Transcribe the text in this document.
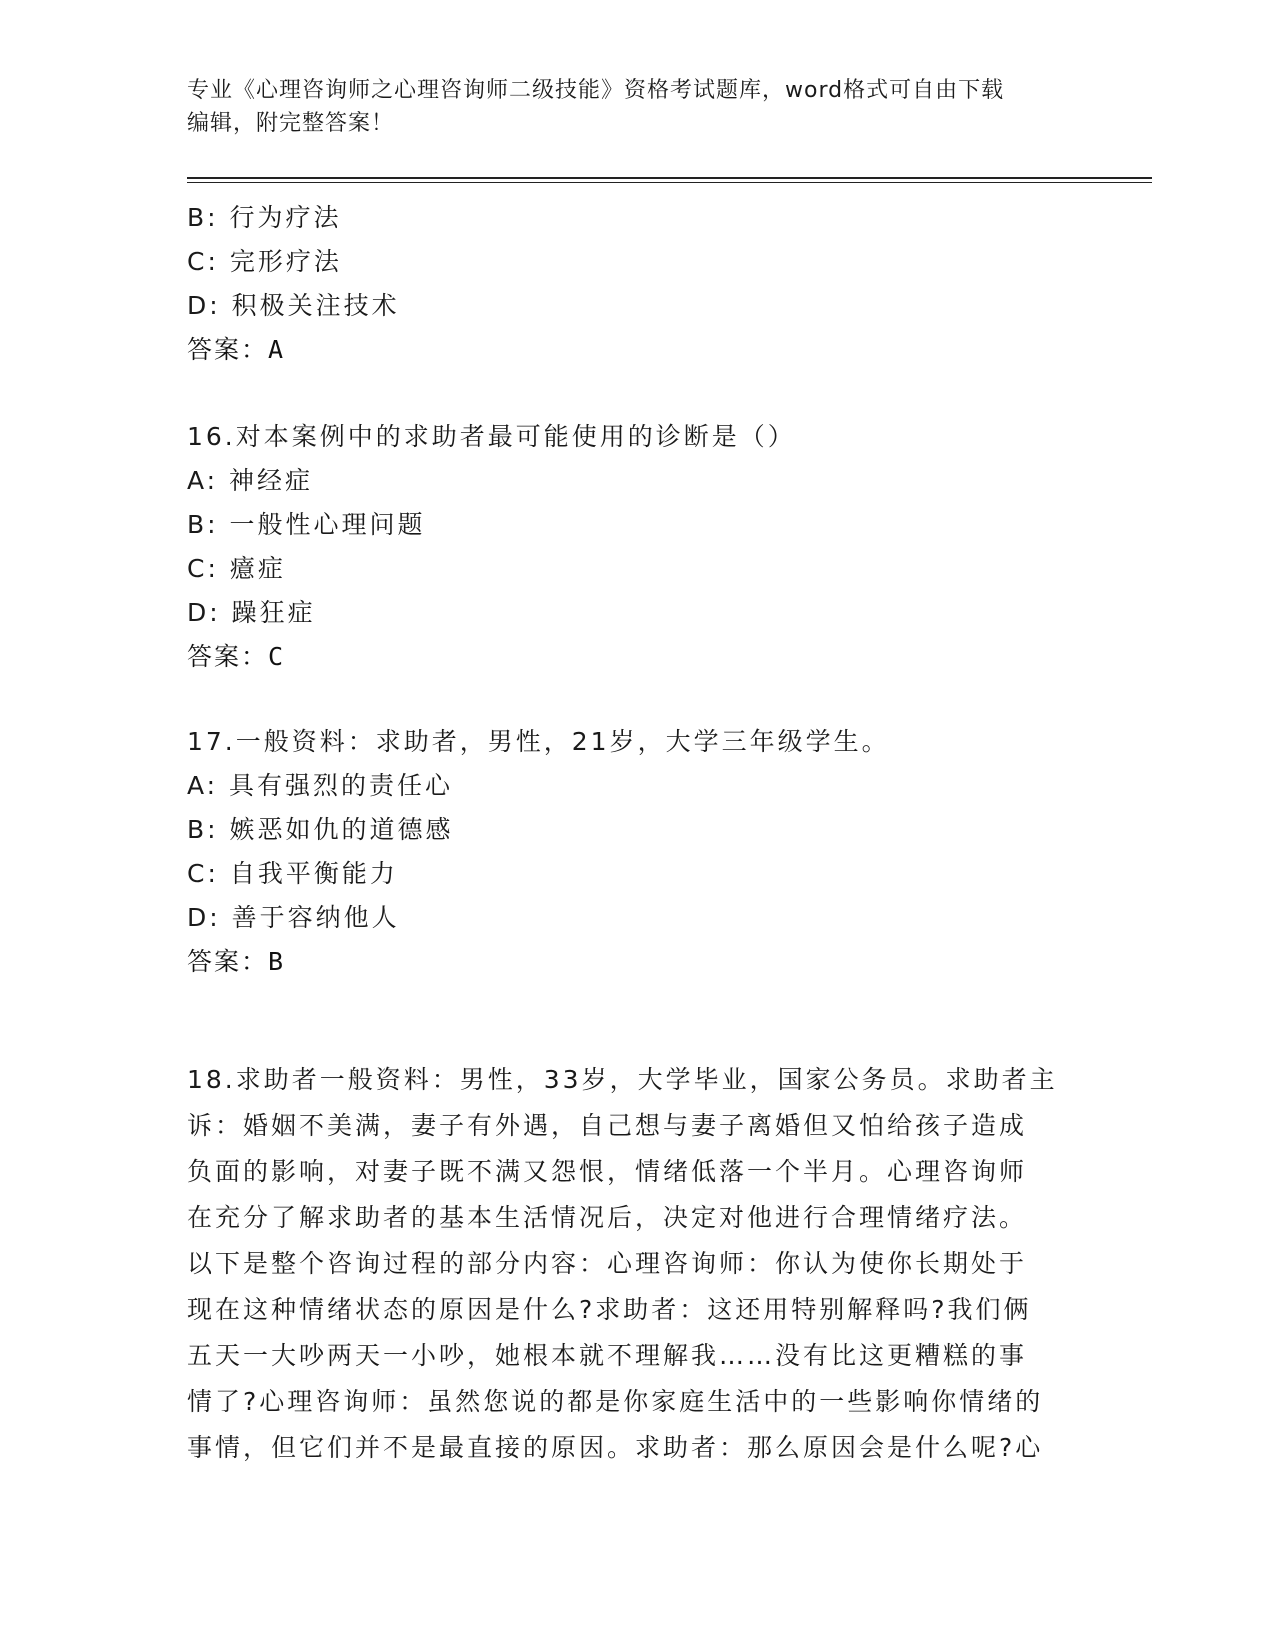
专业《心理咨询师之心理咨询师二级技能》资格考试题库，word格式可自由下载
编辑，附完整答案！
B: 行为疗法
C: 完形疗法
D: 积极关注技术
答案：A
16.对本案例中的求助者最可能使用的诊断是（）
A: 神经症
B: 一般性心理问题
C: 癔症
D: 躁狂症
答案：C
17.一般资料：求助者，男性，21岁，大学三年级学生。
A: 具有强烈的责任心
B: 嫉恶如仇的道德感
C: 自我平衡能力
D: 善于容纳他人
答案：B
18.求助者一般资料：男性，33岁，大学毕业，国家公务员。求助者主
诉：婚姻不美满，妻子有外遇，自己想与妻子离婚但又怕给孩子造成
负面的影响，对妻子既不满又怨恨，情绪低落一个半月。心理咨询师
在充分了解求助者的基本生活情况后，决定对他进行合理情绪疗法。
以下是整个咨询过程的部分内容：心理咨询师：你认为使你长期处于
现在这种情绪状态的原因是什么?求助者：这还用特别解释吗?我们俩
五天一大吵两天一小吵，她根本就不理解我……没有比这更糟糕的事
情了?心理咨询师：虽然您说的都是你家庭生活中的一些影响你情绪的
事情，但它们并不是最直接的原因。求助者：那么原因会是什么呢?心
